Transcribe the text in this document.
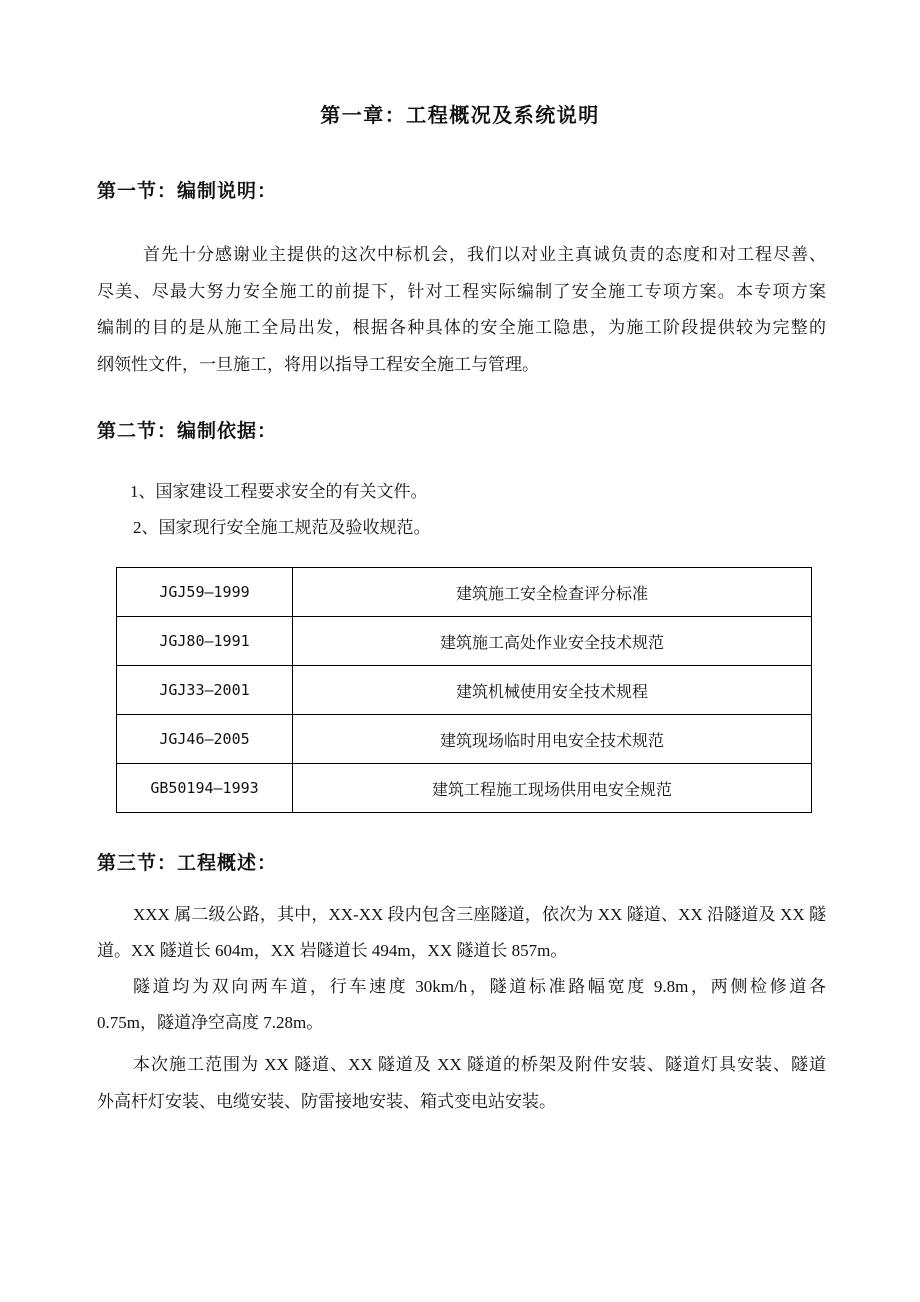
第一章：工程概况及系统说明
第一节：编制说明：
首先十分感谢业主提供的这次中标机会，我们以对业主真诚负责的态度和对工程尽善、
尽美、尽最大努力安全施工的前提下，针对工程实际编制了安全施工专项方案。本专项方案
编制的目的是从施工全局出发，根据各种具体的安全施工隐患，为施工阶段提供较为完整的
纲领性文件，一旦施工，将用以指导工程安全施工与管理。
第二节：编制依据：
1、国家建设工程要求安全的有关文件。
2、国家现行安全施工规范及验收规范。
JGJ59—1999	建筑施工安全检查评分标准
JGJ80—1991	建筑施工高处作业安全技术规范
JGJ33—2001	建筑机械使用安全技术规程
JGJ46—2005	建筑现场临时用电安全技术规范
GB50194—1993	建筑工程施工现场供用电安全规范
第三节：工程概述：
XXX 属二级公路，其中，XX-XX 段内包含三座隧道，依次为 XX 隧道、XX 沿隧道及 XX 隧
道。XX 隧道长 604m，XX 岩隧道长 494m，XX 隧道长 857m。
隧道均为双向两车道，行车速度 30km/h，隧道标准路幅宽度 9.8m，两侧检修道各
0.75m，隧道净空高度 7.28m。
本次施工范围为 XX 隧道、XX 隧道及 XX 隧道的桥架及附件安装、隧道灯具安装、隧道
外高杆灯安装、电缆安装、防雷接地安装、箱式变电站安装。
